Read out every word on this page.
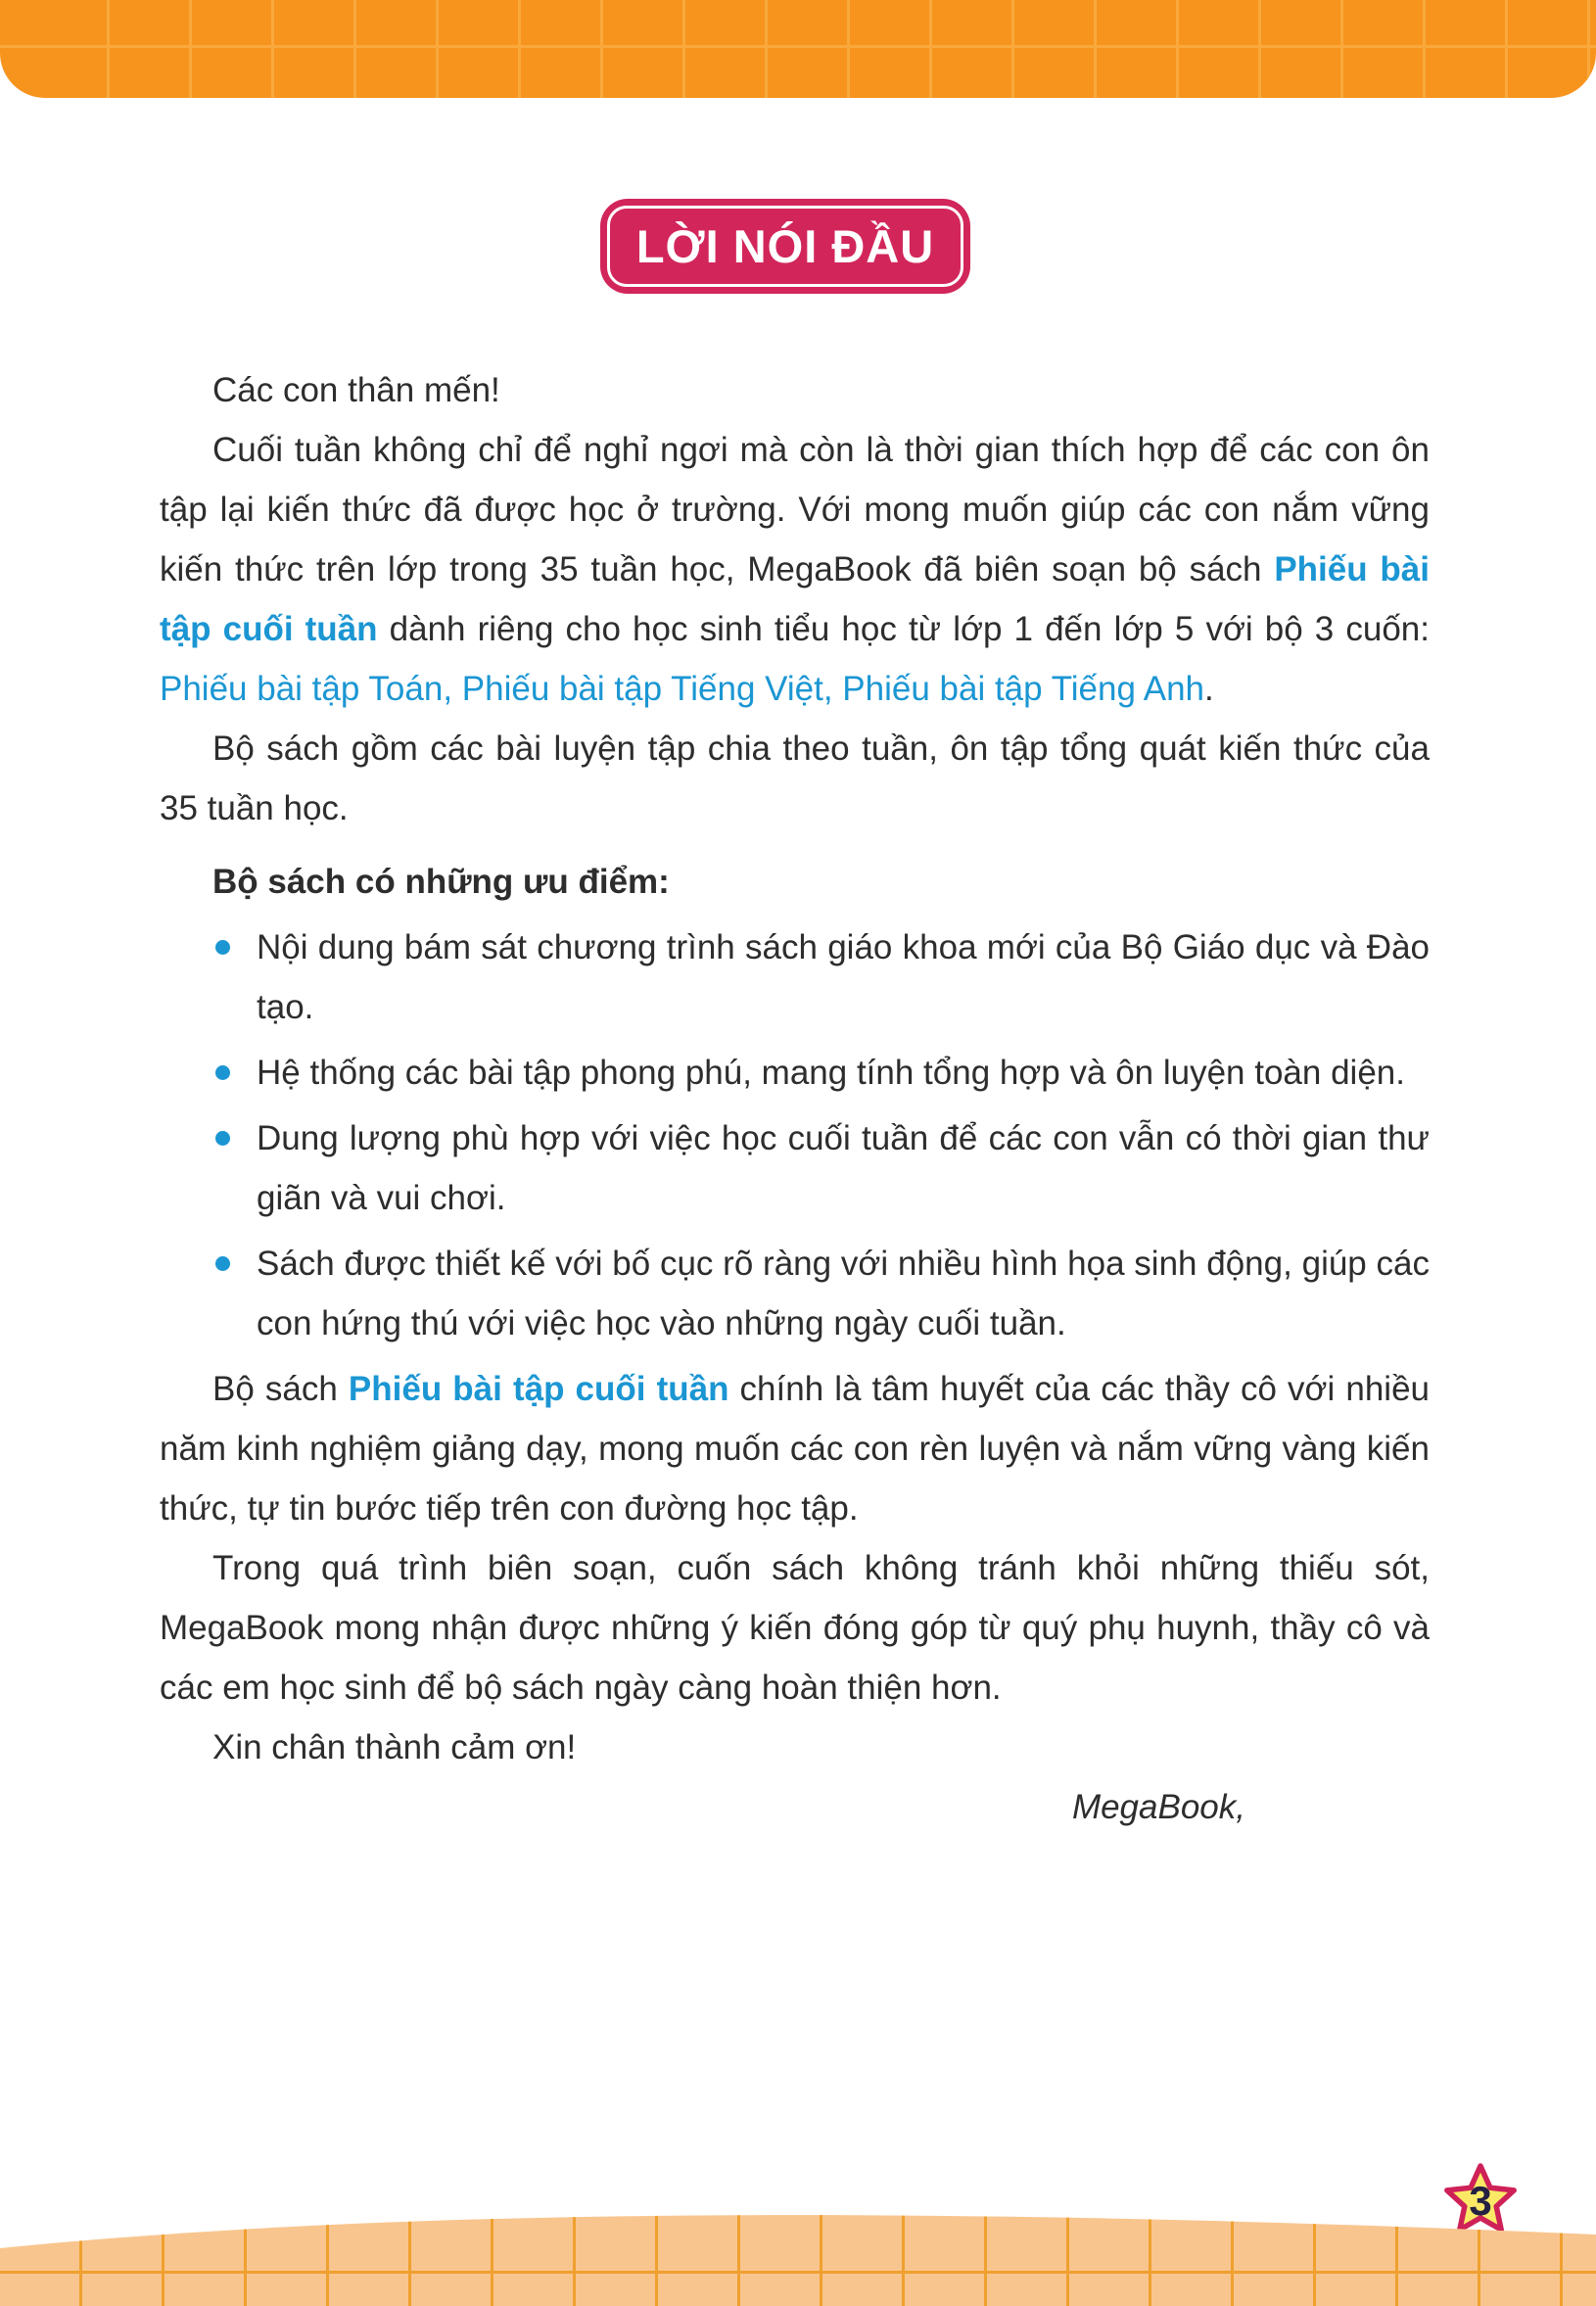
LỜI NÓI ĐẦU

Các con thân mến!

Cuối tuần không chỉ để nghỉ ngơi mà còn là thời gian thích hợp để các con ôn tập lại kiến thức đã được học ở trường. Với mong muốn giúp các con nắm vững kiến thức trên lớp trong 35 tuần học, MegaBook đã biên soạn bộ sách Phiếu bài tập cuối tuần dành riêng cho học sinh tiểu học từ lớp 1 đến lớp 5 với bộ 3 cuốn: Phiếu bài tập Toán, Phiếu bài tập Tiếng Việt, Phiếu bài tập Tiếng Anh.

Bộ sách gồm các bài luyện tập chia theo tuần, ôn tập tổng quát kiến thức của 35 tuần học.

Bộ sách có những ưu điểm:

Nội dung bám sát chương trình sách giáo khoa mới của Bộ Giáo dục và Đào tạo.
Hệ thống các bài tập phong phú, mang tính tổng hợp và ôn luyện toàn diện.
Dung lượng phù hợp với việc học cuối tuần để các con vẫn có thời gian thư giãn và vui chơi.
Sách được thiết kế với bố cục rõ ràng với nhiều hình họa sinh động, giúp các con hứng thú với việc học vào những ngày cuối tuần.

Bộ sách Phiếu bài tập cuối tuần chính là tâm huyết của các thầy cô với nhiều năm kinh nghiệm giảng dạy, mong muốn các con rèn luyện và nắm vững vàng kiến thức, tự tin bước tiếp trên con đường học tập.

Trong quá trình biên soạn, cuốn sách không tránh khỏi những thiếu sót, MegaBook mong nhận được những ý kiến đóng góp từ quý phụ huynh, thầy cô và các em học sinh để bộ sách ngày càng hoàn thiện hơn.

Xin chân thành cảm ơn!

MegaBook,

3
